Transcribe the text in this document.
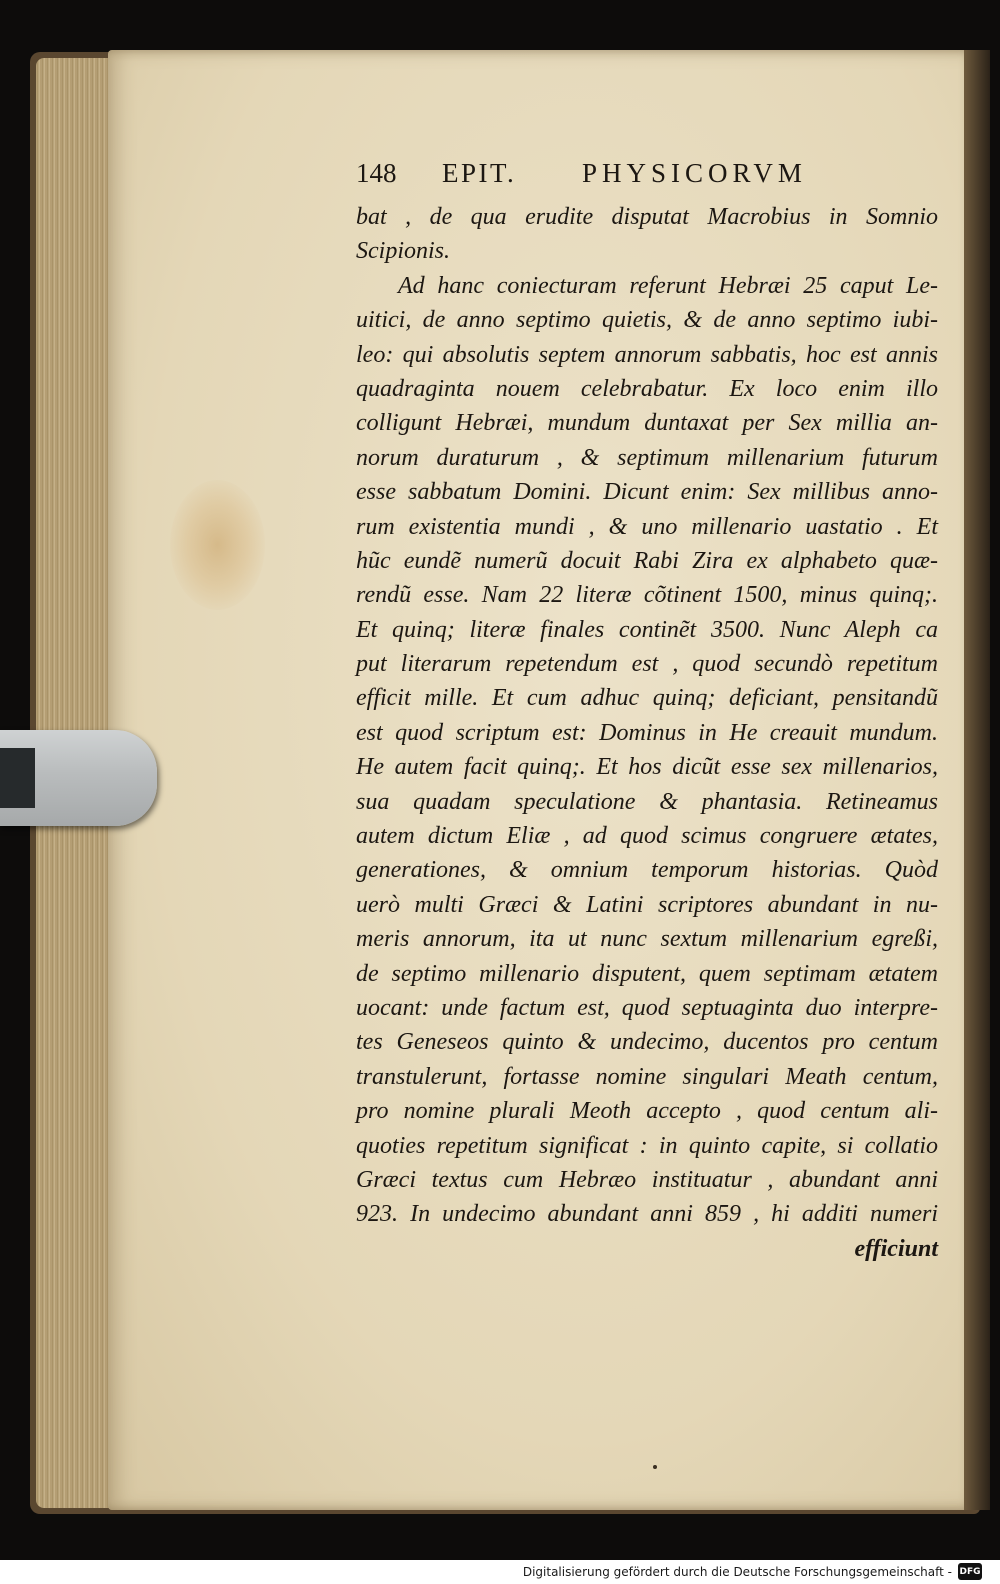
148	EPIT.	PHYSICORVM
bat , de qua erudite disputat Macrobius in Somnio
Scipionis.
Ad hanc coniecturam referunt Hebræi 25 caput Le-
uitici, de anno septimo quietis, & de anno septimo iubi-
leo: qui absolutis septem annorum sabbatis, hoc est annis
quadraginta nouem celebrabatur. Ex loco enim illo
colligunt Hebræi, mundum duntaxat per Sex millia an-
norum duraturum , & septimum millenarium futurum
esse sabbatum Domini. Dicunt enim: Sex millibus anno-
rum existentia mundi , & uno millenario uastatio . Et
hũc eundẽ numerũ docuit Rabi Zira ex alphabeto quæ-
rendũ esse. Nam 22 literæ cõtinent 1500, minus quinq;.
Et quinq; literæ finales continẽt 3500. Nunc Aleph ca
put literarum repetendum est , quod secundò repetitum
efficit mille. Et cum adhuc quinq; deficiant, pensitandũ
est quod scriptum est: Dominus in He creauit mundum.
He autem facit quinq;. Et hos dicũt esse sex millenarios,
sua quadam speculatione & phantasia. Retineamus
autem dictum Eliæ , ad quod scimus congruere ætates,
generationes, & omnium temporum historias. Quòd
uerò multi Græci & Latini scriptores abundant in nu-
meris annorum, ita ut nunc sextum millenarium egreßi,
de septimo millenario disputent, quem septimam ætatem
uocant: unde factum est, quod septuaginta duo interpre-
tes Geneseos quinto & undecimo, ducentos pro centum
transtulerunt, fortasse nomine singulari Meath centum,
pro nomine plurali Meoth accepto , quod centum ali-
quoties repetitum significat : in quinto capite, si collatio
Græci textus cum Hebræo instituatur , abundant anni
923. In undecimo abundant anni 859 , hi additi numeri
efficiunt
Digitalisierung gefördert durch die Deutsche Forschungsgemeinschaft - DFG
